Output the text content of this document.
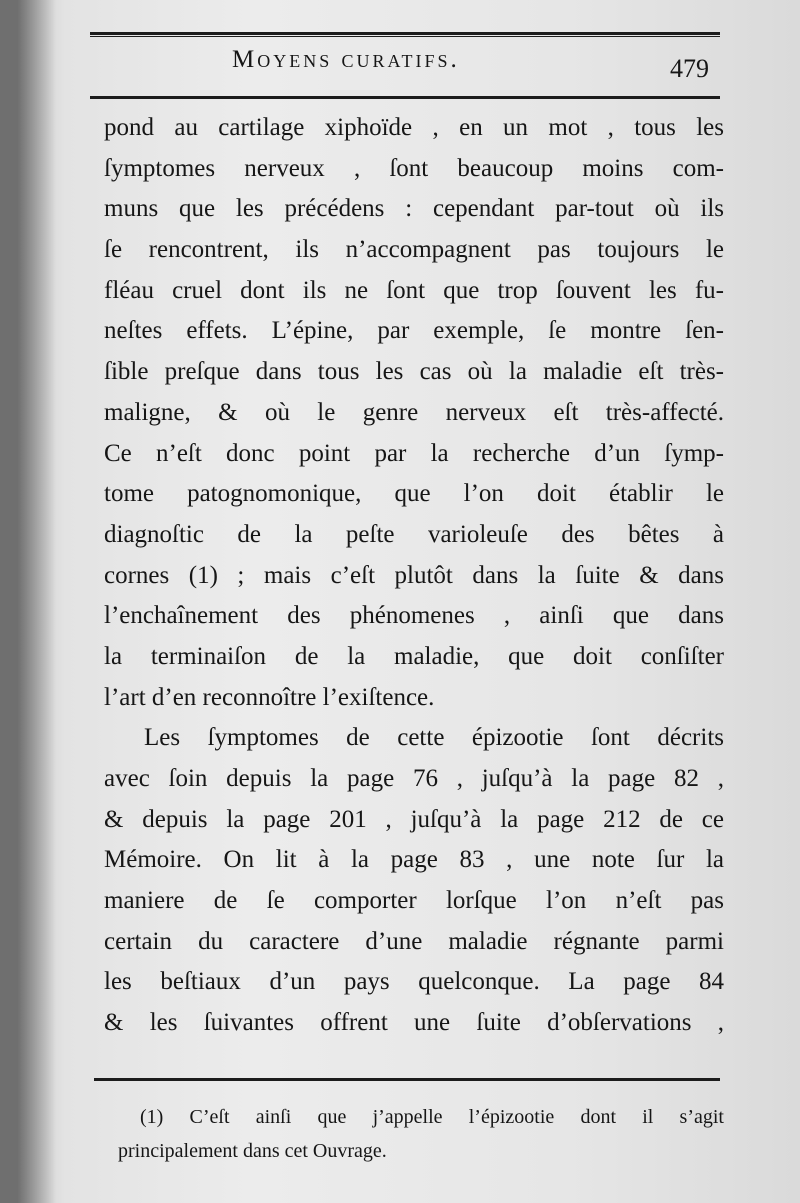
Moyens curatifs.	479
pond au cartilage xiphoïde , en un mot , tous les
ſymptomes nerveux , ſont beaucoup moins com-
muns que les précédens : cependant par-tout où ils
ſe rencontrent, ils n’accompagnent pas toujours le
fléau cruel dont ils ne ſont que trop ſouvent les fu-
neſtes effets. L’épine, par exemple, ſe montre ſen-
ſible preſque dans tous les cas où la maladie eſt très-
maligne, & où le genre nerveux eſt très-affecté.
Ce n’eſt donc point par la recherche d’un ſymp-
tome patognomonique, que l’on doit établir le
diagnoſtic de la peſte varioleuſe des bêtes à
cornes (1) ; mais c’eſt plutôt dans la ſuite & dans
l’enchaînement des phénomenes , ainſi que dans
la terminaiſon de la maladie, que doit conſiſter
l’art d’en reconnoître l’exiſtence.
Les ſymptomes de cette épizootie ſont décrits
avec ſoin depuis la page 76 , juſqu’à la page 82 ,
& depuis la page 201 , juſqu’à la page 212 de ce
Mémoire. On lit à la page 83 , une note ſur la
maniere de ſe comporter lorſque l’on n’eſt pas
certain du caractere d’une maladie régnante parmi
les beſtiaux d’un pays quelconque. La page 84
& les ſuivantes offrent une ſuite d’obſervations ,
(1) C’eſt ainſi que j’appelle l’épizootie dont il s’agit
principalement dans cet Ouvrage.
